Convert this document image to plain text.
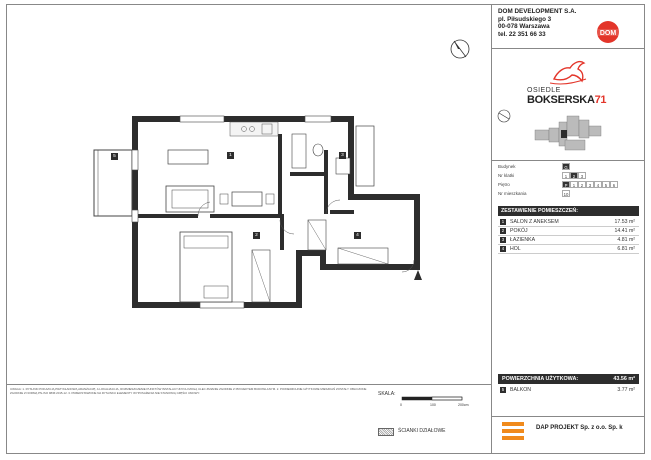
DOM DEVELOPMENT S.A.
pl. Piłsudskiego 3
00-078 Warszawa
tel. 22 351 66 33	DOM
OSIEDLE
BOKSERSKA71
Budynek	G
Nr klatki	1	2	3
Piętro	P	1	2	3	4	5	6
Nr mieszkania	10
ZESTAWIENIE POMIESZCZEŃ:
1	SALON Z ANEKSEM	17.53 m²
2	POKÓJ	14.41 m²
3	ŁAZIENKA	4.81 m²
4	HOL	6.81 m²
POWIERZCHNIA UŻYTKOWA:	43.56 m²
5	BALKON	3.77 m²
DAP PROJEKT Sp. z o.o. Sp. k
UWAGA: 1. RYSUNKI POKAZUJĄ PRZYKŁADOWĄ ARANŻACJĘ, A LOKALIZACJA, ROZMIESZCZENIE PUNKTÓW INSTALACYJNYCH MOGĄ ULEC ZMIANIE ZGODNIE Z PROJEKTEM BUDOWLANYM. 2. POWIERZCHNIE UŻYTKOWE MIESZKAŃ ZOSTAŁY OBLICZONE ZGODNIE Z NORMĄ PN-ISO 9836:2015-12. 3. PRZEDSTAWIONE NA RYSUNKU ELEMENTY WYPOSAŻENIA NIE STANOWIĄ CZĘŚCI UMOWY.	SKALA:
0	100	200cm
ŚCIANKI DZIAŁOWE
1
2
3
4
5
